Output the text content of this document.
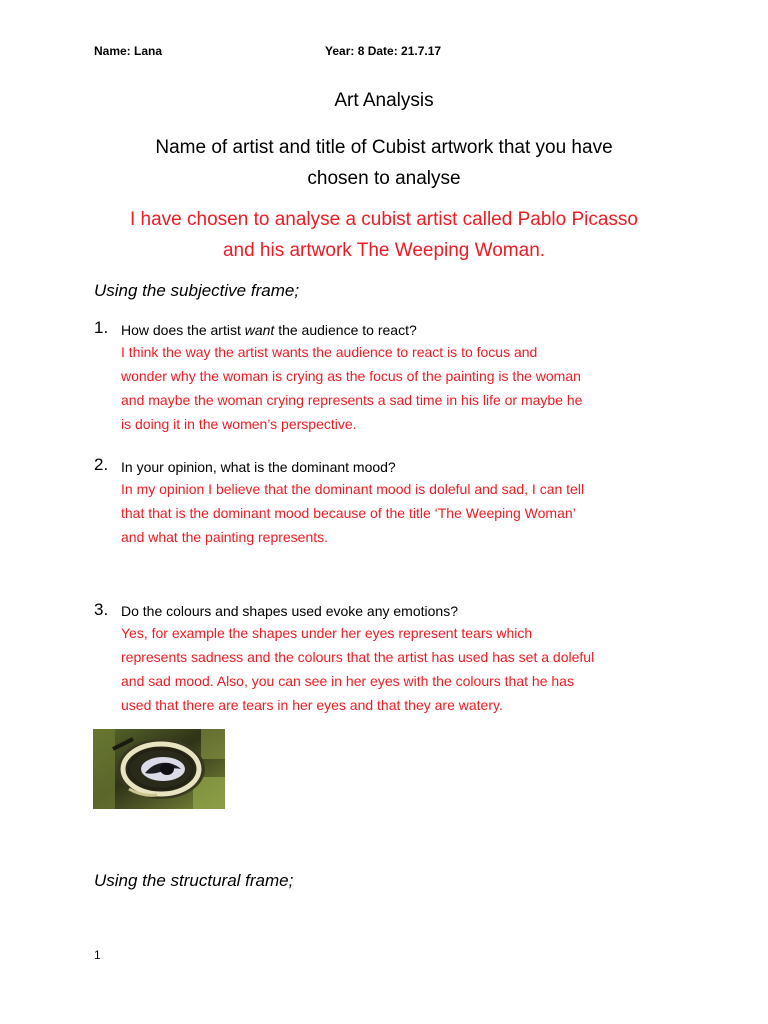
Name: Lana	Year: 8 Date: 21.7.17
Art Analysis
Name of artist and title of Cubist artwork that you have
chosen to analyse
I have chosen to analyse a cubist artist called Pablo Picasso
and his artwork The Weeping Woman.
Using the subjective frame;
1. How does the artist want the audience to react?
I think the way the artist wants the audience to react is to focus and
wonder why the woman is crying as the focus of the painting is the woman
and maybe the woman crying represents a sad time in his life or maybe he
is doing it in the women’s perspective.
2. In your opinion, what is the dominant mood?
In my opinion I believe that the dominant mood is doleful and sad, I can tell
that that is the dominant mood because of the title ‘The Weeping Woman’
and what the painting represents.
3. Do the colours and shapes used evoke any emotions?
Yes, for example the shapes under her eyes represent tears which
represents sadness and the colours that the artist has used has set a doleful
and sad mood. Also, you can see in her eyes with the colours that he has
used that there are tears in her eyes and that they are watery.
Using the structural frame;
1
